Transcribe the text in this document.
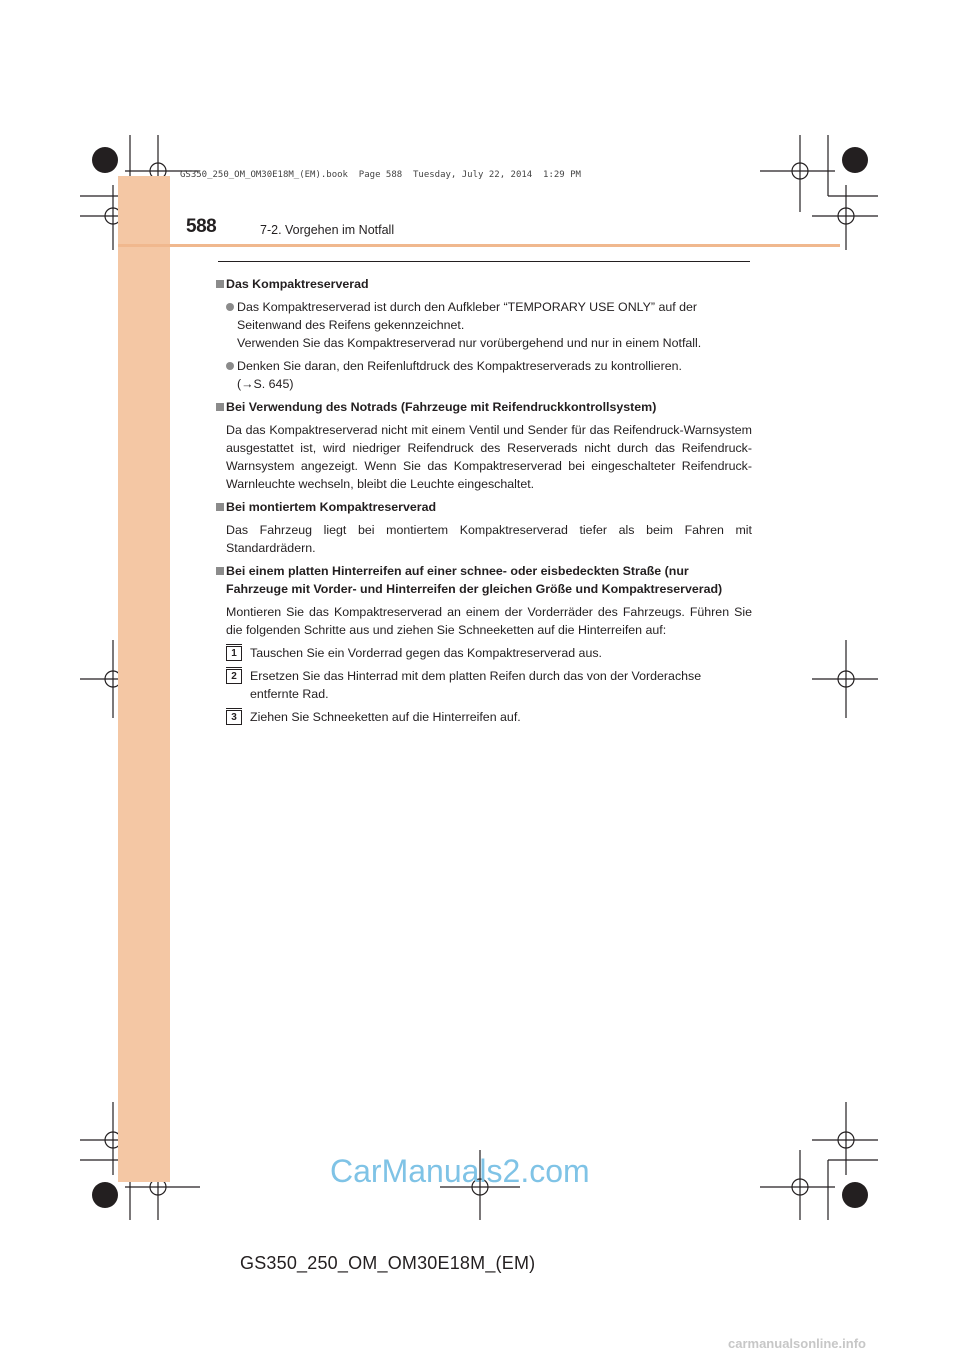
GS350_250_OM_OM30E18M_(EM).book  Page 588  Tuesday, July 22, 2014  1:29 PM
588	7-2. Vorgehen im Notfall
Das Kompaktreserverad
Das Kompaktreserverad ist durch den Aufkleber “TEMPORARY USE ONLY” auf der Seitenwand des Reifens gekennzeichnet.
Verwenden Sie das Kompaktreserverad nur vorübergehend und nur in einem Notfall.
Denken Sie daran, den Reifenluftdruck des Kompaktreserverads zu kontrollieren.
(→S. 645)
Bei Verwendung des Notrads (Fahrzeuge mit Reifendruckkontrollsystem)
Da das Kompaktreserverad nicht mit einem Ventil und Sender für das Reifendruck-Warnsystem ausgestattet ist, wird niedriger Reifendruck des Reserverads nicht durch das Reifendruck-Warnsystem angezeigt. Wenn Sie das Kompaktreserverad bei eingeschalteter Reifendruck-Warnleuchte wechseln, bleibt die Leuchte eingeschaltet.
Bei montiertem Kompaktreserverad
Das Fahrzeug liegt bei montiertem Kompaktreserverad tiefer als beim Fahren mit Standardrädern.
Bei einem platten Hinterreifen auf einer schnee- oder eisbedeckten Straße (nur Fahrzeuge mit Vorder- und Hinterreifen der gleichen Größe und Kompaktreserverad)
Montieren Sie das Kompaktreserverad an einem der Vorderräder des Fahrzeugs. Führen Sie die folgenden Schritte aus und ziehen Sie Schneeketten auf die Hinterreifen auf:
1	Tauschen Sie ein Vorderrad gegen das Kompaktreserverad aus.
2	Ersetzen Sie das Hinterrad mit dem platten Reifen durch das von der Vorderachse entfernte Rad.
3	Ziehen Sie Schneeketten auf die Hinterreifen auf.
CarManuals2.com
GS350_250_OM_OM30E18M_(EM)
carmanualsonline.info
